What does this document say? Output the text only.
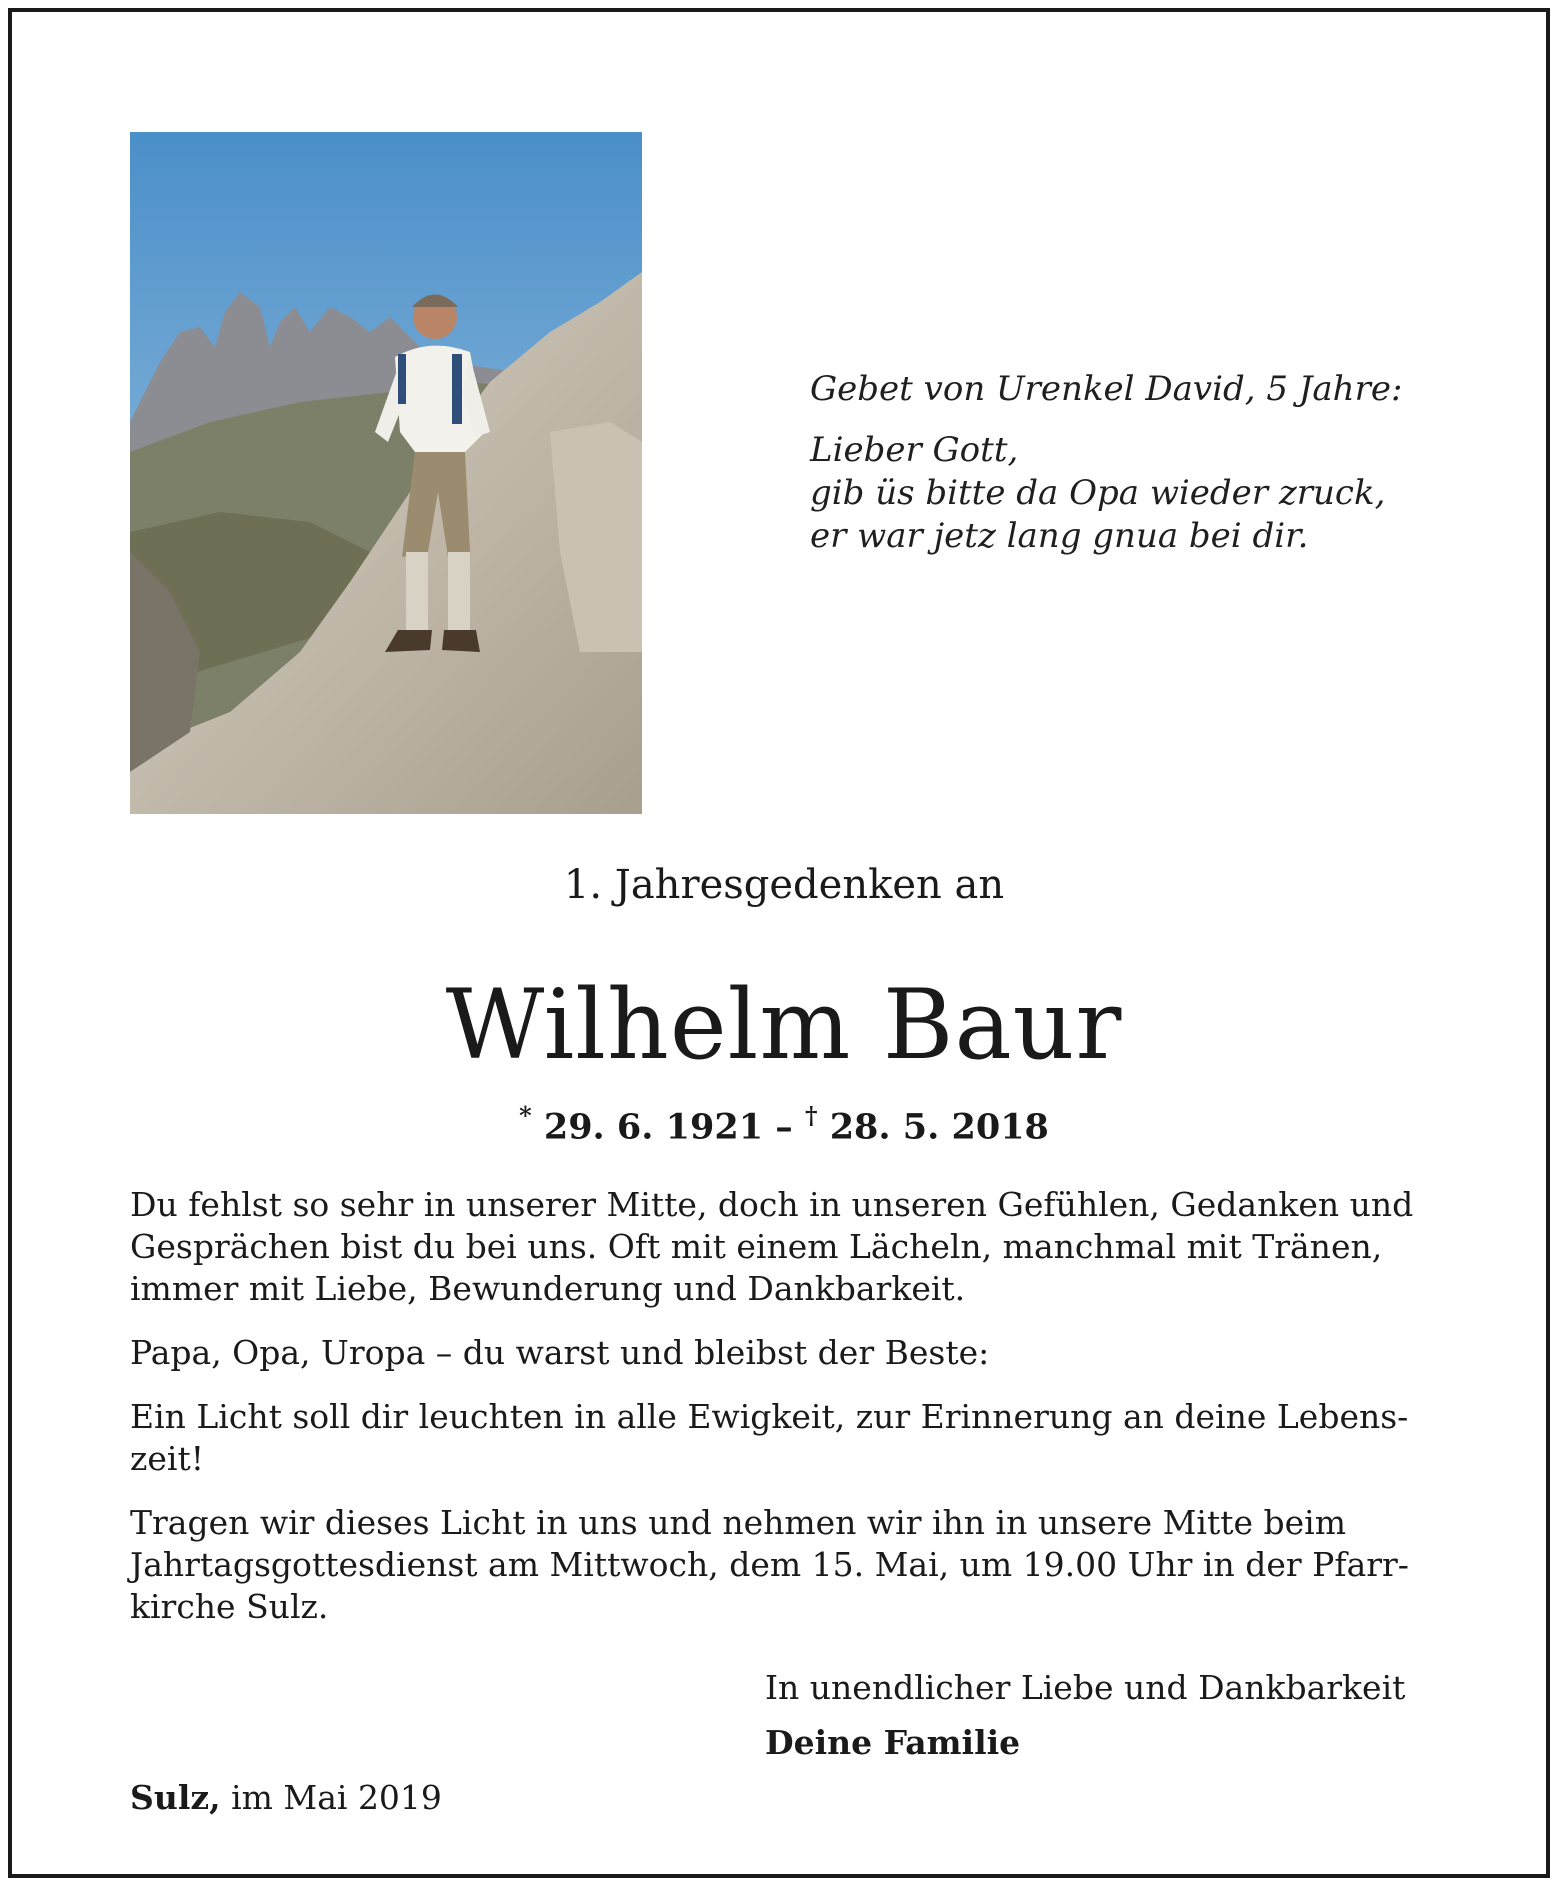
Gebet von Urenkel David, 5 Jahre:
Lieber Gott,
gib üs bitte da Opa wieder zruck,
er war jetz lang gnua bei dir.
1. Jahresgedenken an
Wilhelm Baur
* 29. 6. 1921 – † 28. 5. 2018

Du fehlst so sehr in unserer Mitte, doch in unseren Gefühlen, Gedanken und
Gesprächen bist du bei uns. Oft mit einem Lächeln, manchmal mit Tränen,
immer mit Liebe, Bewunderung und Dankbarkeit.

Papa, Opa, Uropa – du warst und bleibst der Beste:

Ein Licht soll dir leuchten in alle Ewigkeit, zur Erinnerung an deine Lebens-
zeit!

Tragen wir dieses Licht in uns und nehmen wir ihn in unsere Mitte beim
Jahrtagsgottesdienst am Mittwoch, dem 15. Mai, um 19.00 Uhr in der Pfarr-
kirche Sulz.

In unendlicher Liebe und Dankbarkeit
Deine Familie
Sulz, im Mai 2019
